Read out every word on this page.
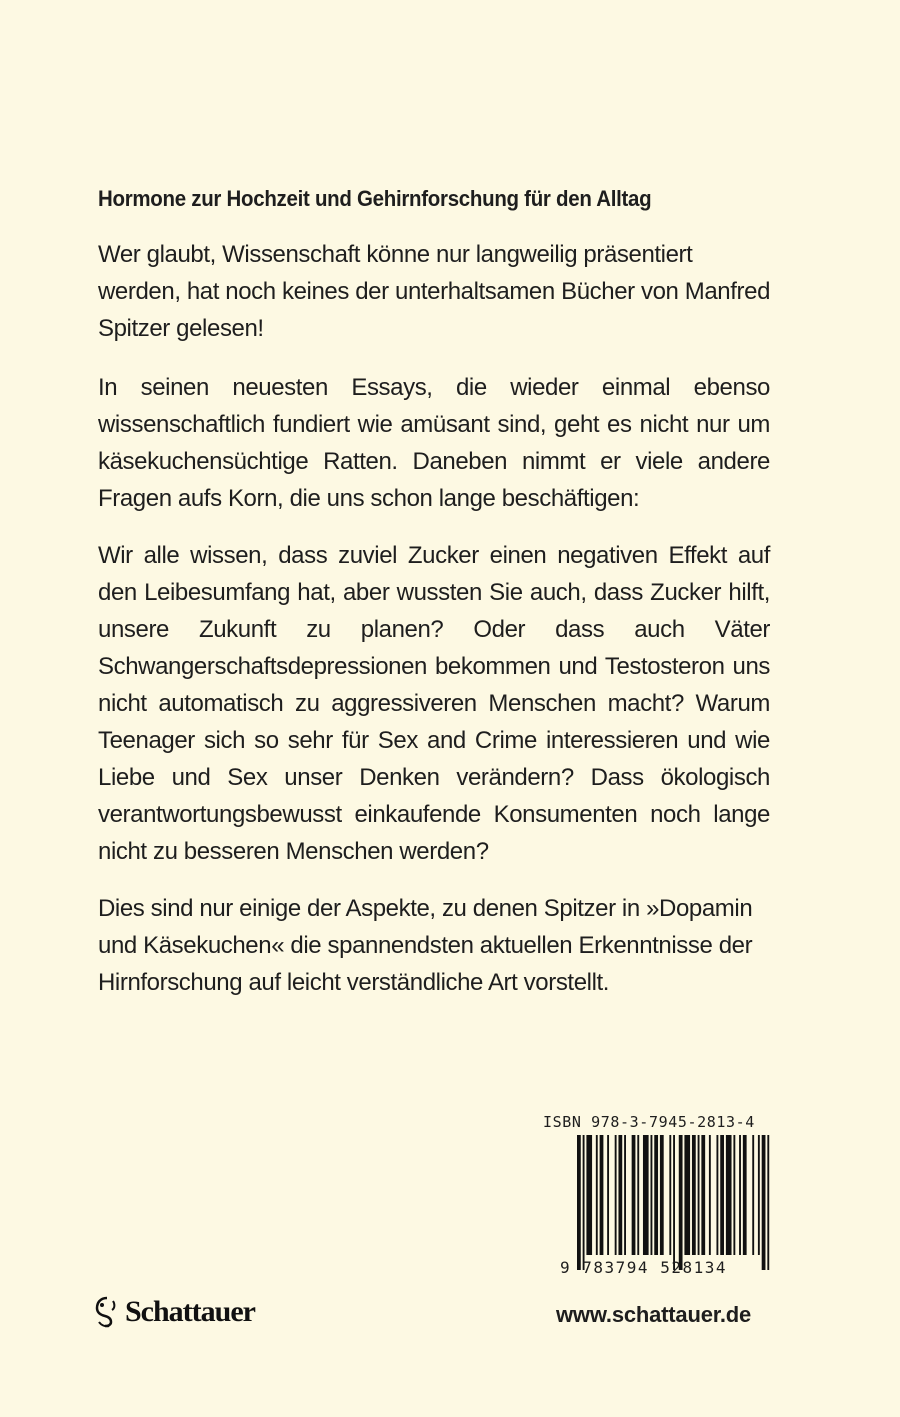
Hormone zur Hochzeit und Gehirnforschung für den Alltag

Wer glaubt, Wissenschaft könne nur langweilig präsentiert werden, hat noch keines der unterhaltsamen Bücher von Manfred Spitzer gelesen!

In seinen neuesten Essays, die wieder einmal ebenso wissenschaftlich fundiert wie amüsant sind, geht es nicht nur um käsekuchensüchtige Ratten. Daneben nimmt er viele andere Fragen aufs Korn, die uns schon lange beschäftigen:

Wir alle wissen, dass zuviel Zucker einen negativen Effekt auf den Leibesumfang hat, aber wussten Sie auch, dass Zucker hilft, unsere Zukunft zu planen? Oder dass auch Väter Schwangerschaftsdepressionen bekommen und Testosteron uns nicht automatisch zu aggressiveren Menschen macht? Warum Teenager sich so sehr für Sex and Crime interessieren und wie Liebe und Sex unser Denken verändern? Dass ökologisch verantwortungsbewusst einkaufende Konsumenten noch lange nicht zu besseren Menschen werden?

Dies sind nur einige der Aspekte, zu denen Spitzer in »Dopamin und Käsekuchen« die spannendsten aktuellen Erkenntnisse der Hirnforschung auf leicht verständliche Art vorstellt.

ISBN 978-3-7945-2813-4
9 783794 528134
Schattauer	www.schattauer.de
